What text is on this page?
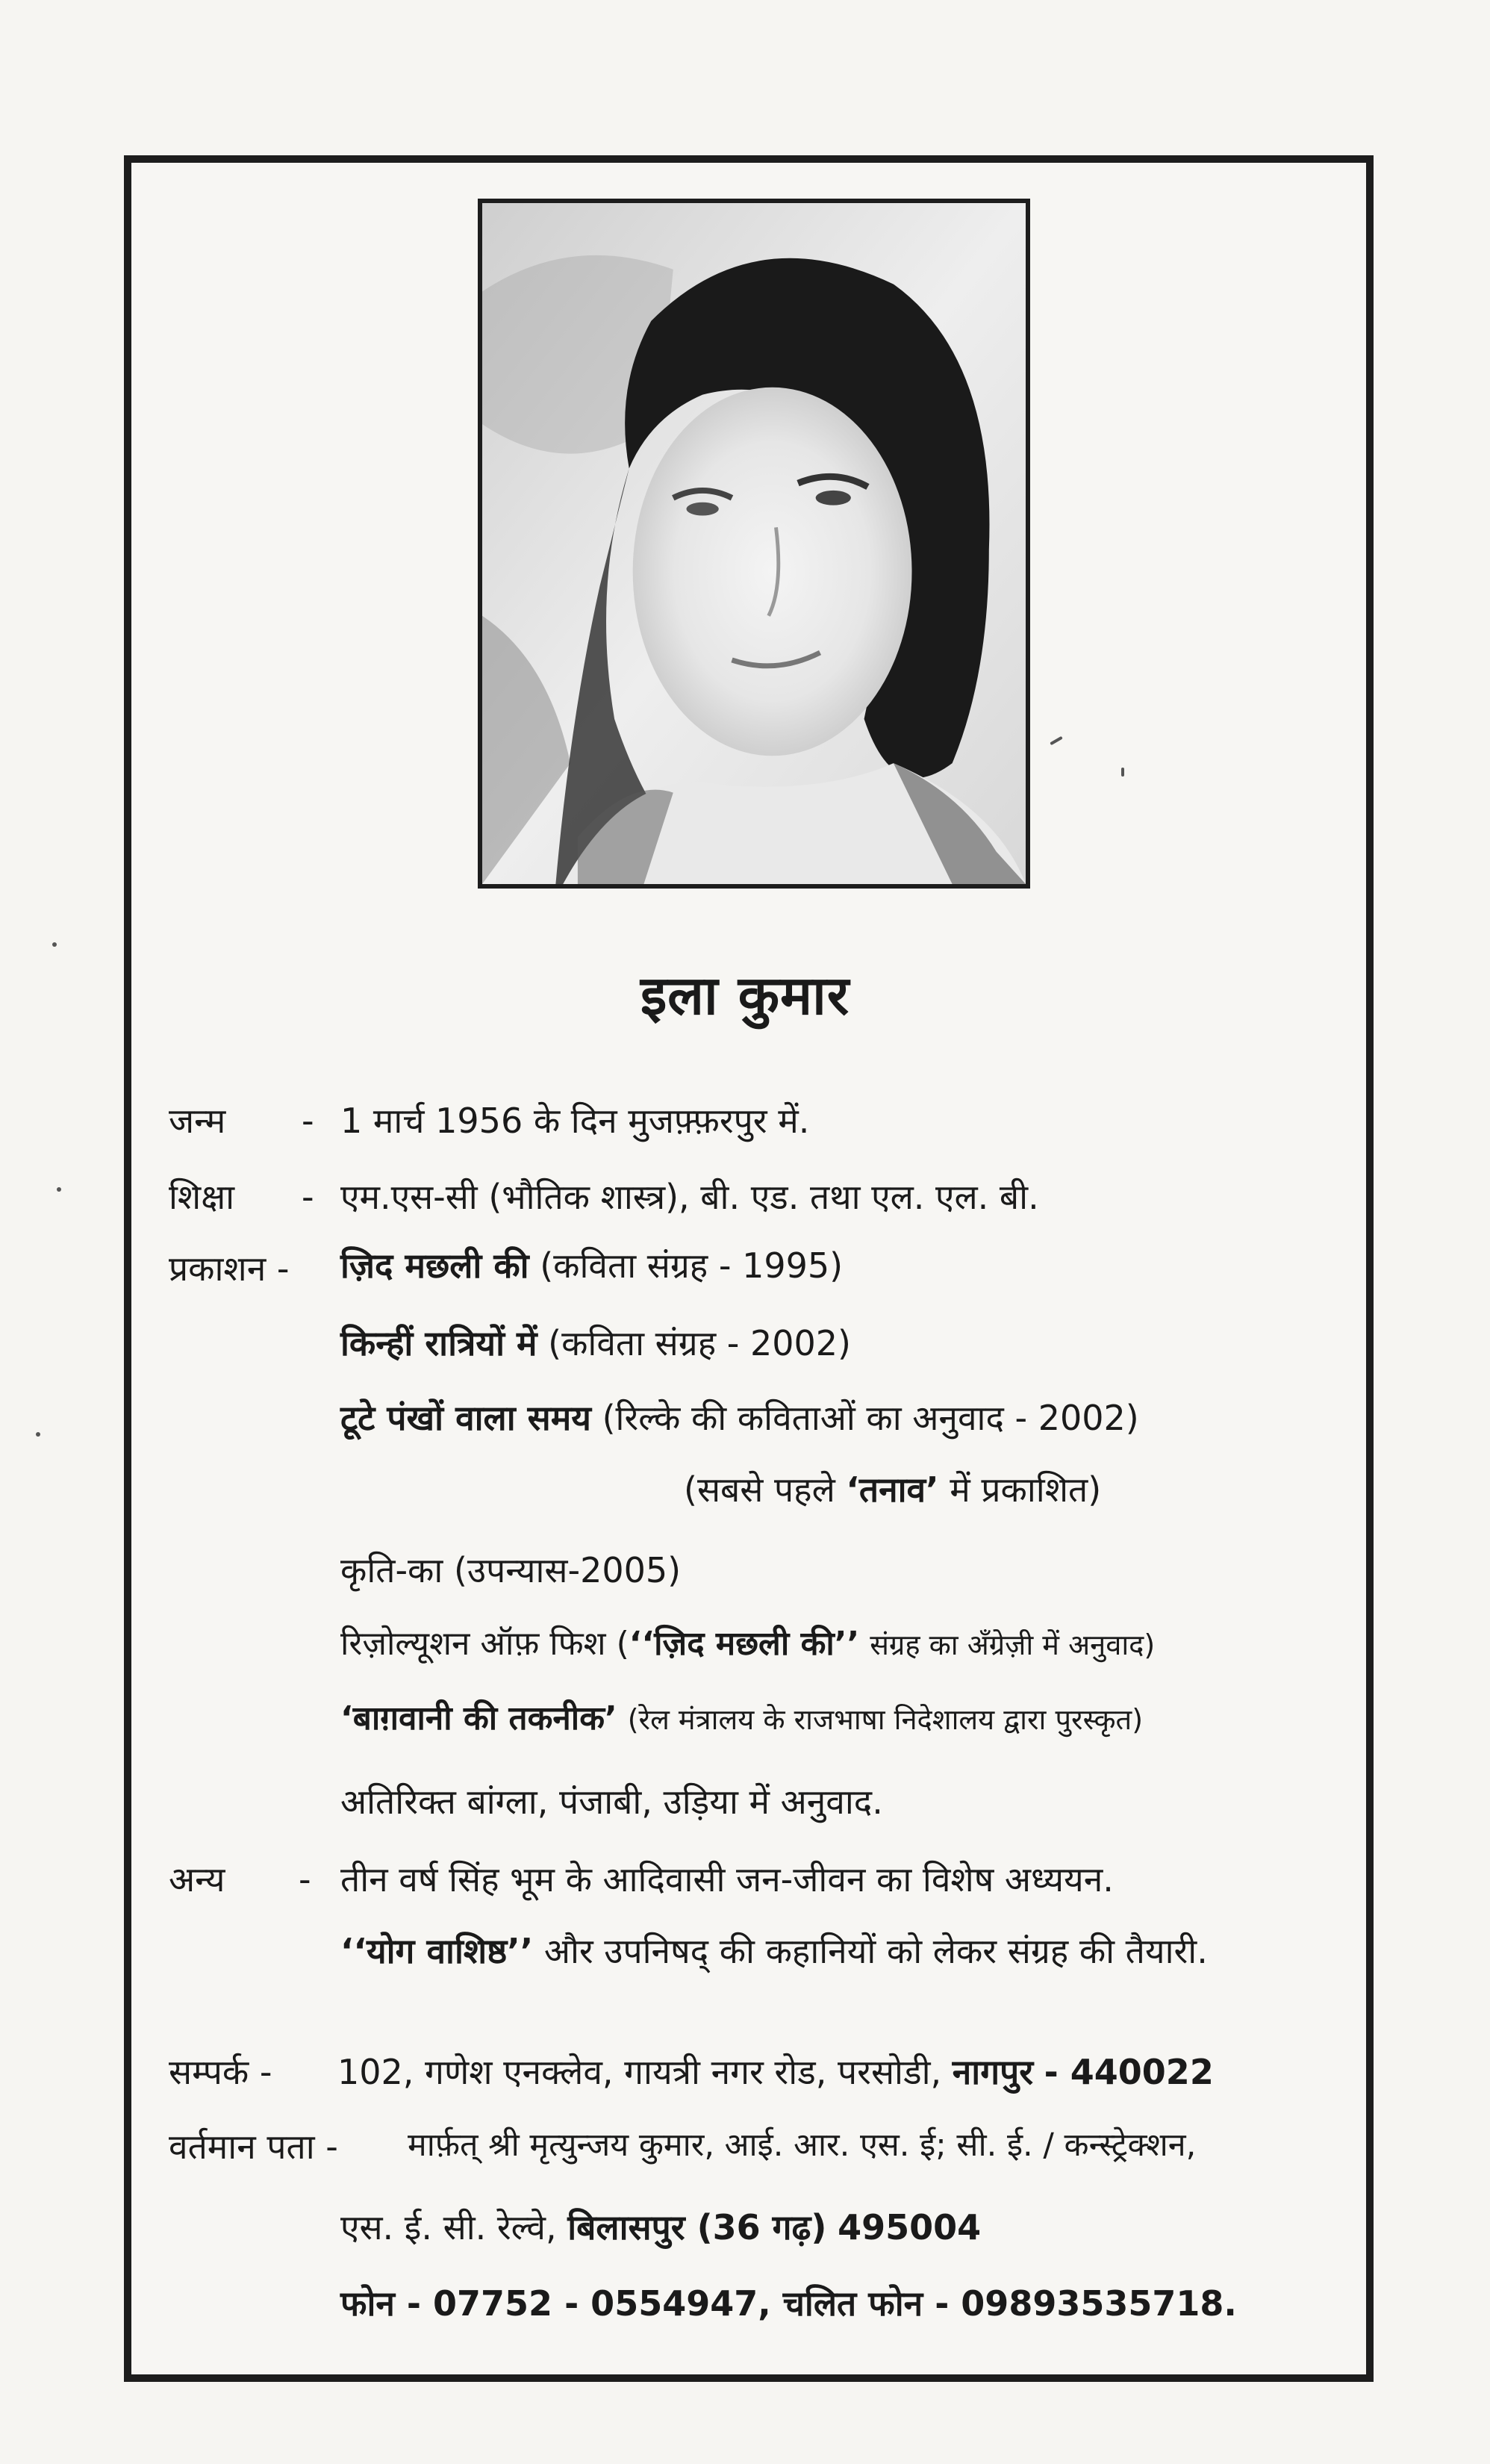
इला कुमार
जन्म - 1 मार्च 1956 के दिन मुजफ़्फ़रपुर में.
शिक्षा - एम.एस-सी (भौतिक शास्त्र), बी. एड. तथा एल. एल. बी.
प्रकाशन - ज़िद मछली की (कविता संग्रह - 1995)
किन्हीं रात्रियों में (कविता संग्रह - 2002)
टूटे पंखों वाला समय (रिल्के की कविताओं का अनुवाद - 2002)
(सबसे पहले ‘तनाव’ में प्रकाशित)
कृति-का (उपन्यास-2005)
रिज़ोल्यूशन ऑफ़ फिश (‘‘ज़िद मछली की’’ संग्रह का अँग्रेज़ी में अनुवाद)
‘बाग़वानी की तकनीक’ (रेल मंत्रालय के राजभाषा निदेशालय द्वारा पुरस्कृत)
अतिरिक्त बांग्ला, पंजाबी, उड़िया में अनुवाद.
अन्य - तीन वर्ष सिंह भूम के आदिवासी जन-जीवन का विशेष अध्ययन.
‘‘योग वाशिष्ठ’’ और उपनिषद् की कहानियों को लेकर संग्रह की तैयारी.
सम्पर्क - 102, गणेश एनक्लेव, गायत्री नगर रोड, परसोडी, नागपुर - 440022
वर्तमान पता - मार्फ़त् श्री मृत्युन्जय कुमार, आई. आर. एस. ई; सी. ई. / कन्स्ट्रेक्शन,
एस. ई. सी. रेल्वे, बिलासपुर (36 गढ़) 495004
फोन - 07752 - 0554947, चलित फोन - 09893535718.
